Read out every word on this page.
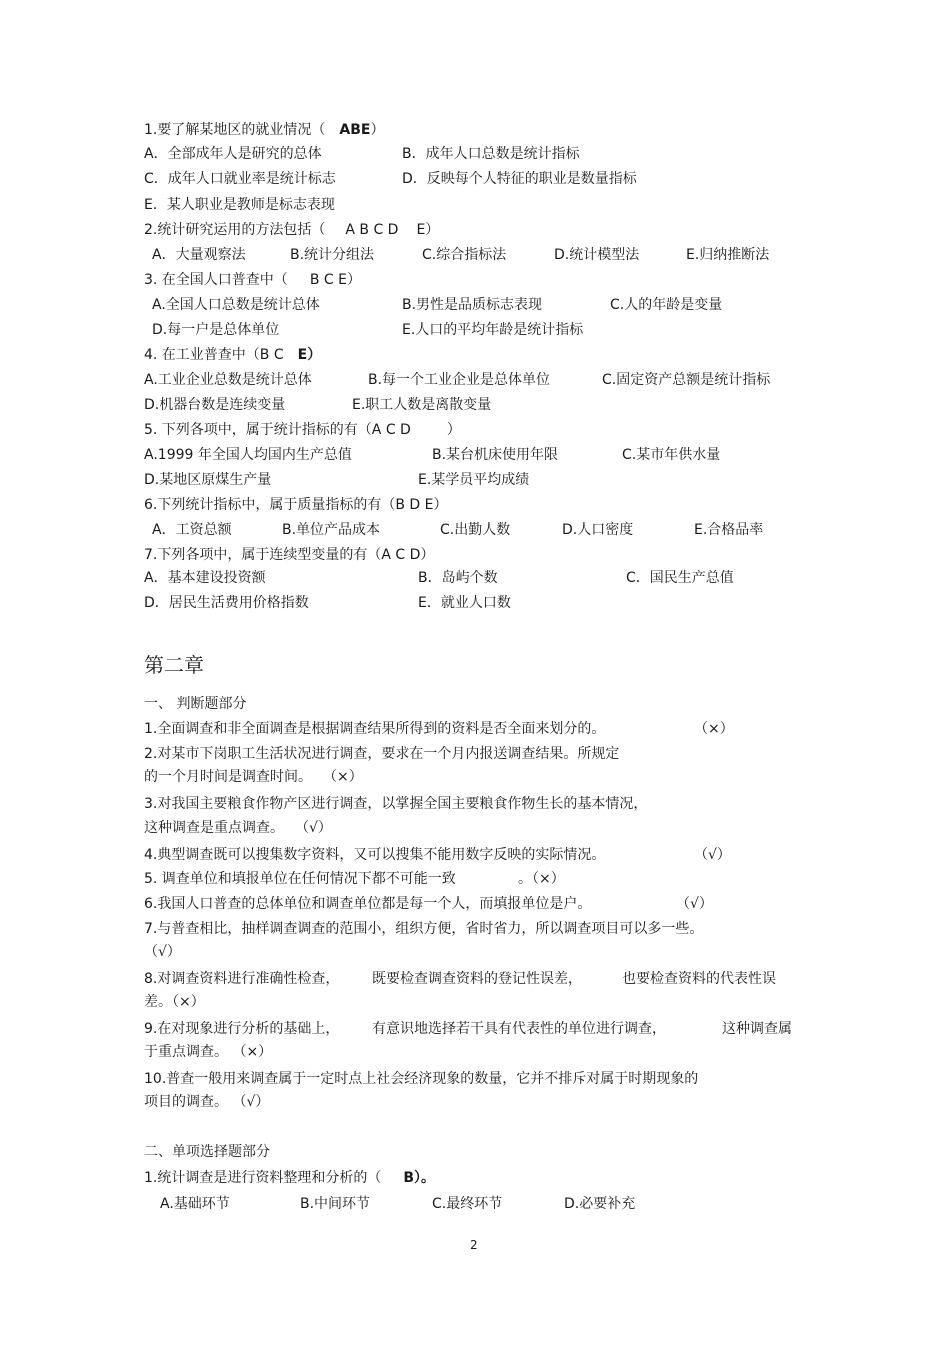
1.要了解某地区的就业情况（ ABE）
A．全部成年人是研究的总体	B．成年人口总数是统计指标
C．成年人口就业率是统计标志	D．反映每个人特征的职业是数量指标
E．某人职业是教师是标志表现
2.统计研究运用的方法包括（ A B C D E）
A．大量观察法	B.统计分组法	C.综合指标法	D.统计模型法	E.归纳推断法
3. 在全国人口普查中（ B C E）
A.全国人口总数是统计总体	B.男性是品质标志表现	C.人的年龄是变量
D.每一户是总体单位	E.人口的平均年龄是统计指标
4. 在工业普查中（B C E）
A.工业企业总数是统计总体	B.每一个工业企业是总体单位	C.固定资产总额是统计指标
D.机器台数是连续变量	E.职工人数是离散变量
5. 下列各项中，属于统计指标的有（A C D	）
A.1999 年全国人均国内生产总值	B.某台机床使用年限	C.某市年供水量
D.某地区原煤生产量	E.某学员平均成绩
6.下列统计指标中，属于质量指标的有（B D E）
A．工资总额	B.单位产品成本	C.出勤人数	D.人口密度	E.合格品率
7.下列各项中，属于连续型变量的有（A C D）
A．基本建设投资额	B．岛屿个数	C．国民生产总值
D．居民生活费用价格指数	E．就业人口数
第二章
一、 判断题部分
1.全面调查和非全面调查是根据调查结果所得到的资料是否全面来划分的。	（×）
2.对某市下岗职工生活状况进行调查，要求在一个月内报送调查结果。所规定
的一个月时间是调查时间。 （×）
3.对我国主要粮食作物产区进行调查，以掌握全国主要粮食作物生长的基本情况，
这种调查是重点调查。 （√）
4.典型调查既可以搜集数字资料，又可以搜集不能用数字反映的实际情况。	（√）
5. 调查单位和填报单位在任何情况下都不可能一致	。（×）
6.我国人口普查的总体单位和调查单位都是每一个人，而填报单位是户。	（√）
7.与普查相比，抽样调查调查的范围小，组织方便，省时省力，所以调查项目可以多一些。
（√）
8.对调查资料进行准确性检查， 既要检查调查资料的登记性误差，	也要检查资料的代表性误
差。（×）
9.在对现象进行分析的基础上， 有意识地选择若干具有代表性的单位进行调查，	这种调查属
于重点调查。 （×）
10.普查一般用来调查属于一定时点上社会经济现象的数量，它并不排斥对属于时期现象的
项目的调查。 （√）
二、单项选择题部分
1.统计调查是进行资料整理和分析的（ B）。
A.基础环节	B.中间环节	C.最终环节	D.必要补充
2
